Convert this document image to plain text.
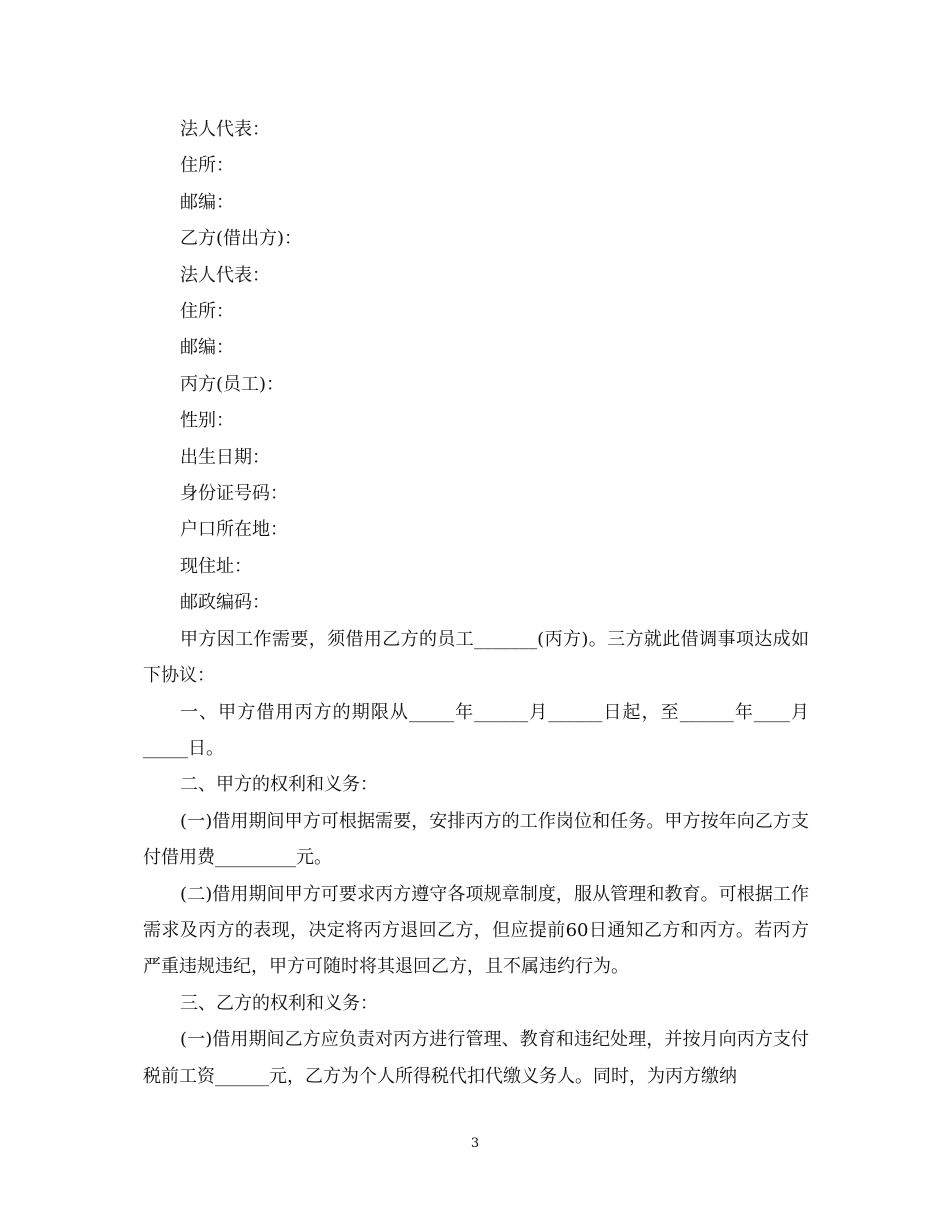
法人代表：
住所：
邮编：
乙方(借出方)：
法人代表：
住所：
邮编：
丙方(员工)：
性别：
出生日期：
身份证号码：
户口所在地：
现住址：
邮政编码：
甲方因工作需要，须借用乙方的员工_______(丙方)。三方就此借调事项达成如下协议：
一、甲方借用丙方的期限从_____年______月______日起，至______年____月_____日。
二、甲方的权利和义务：
(一)借用期间甲方可根据需要，安排丙方的工作岗位和任务。甲方按年向乙方支付借用费_________元。
(二)借用期间甲方可要求丙方遵守各项规章制度，服从管理和教育。可根据工作需求及丙方的表现，决定将丙方退回乙方，但应提前60日通知乙方和丙方。若丙方严重违规违纪，甲方可随时将其退回乙方，且不属违约行为。
三、乙方的权利和义务：
(一)借用期间乙方应负责对丙方进行管理、教育和违纪处理，并按月向丙方支付税前工资______元，乙方为个人所得税代扣代缴义务人。同时，为丙方缴纳
3
